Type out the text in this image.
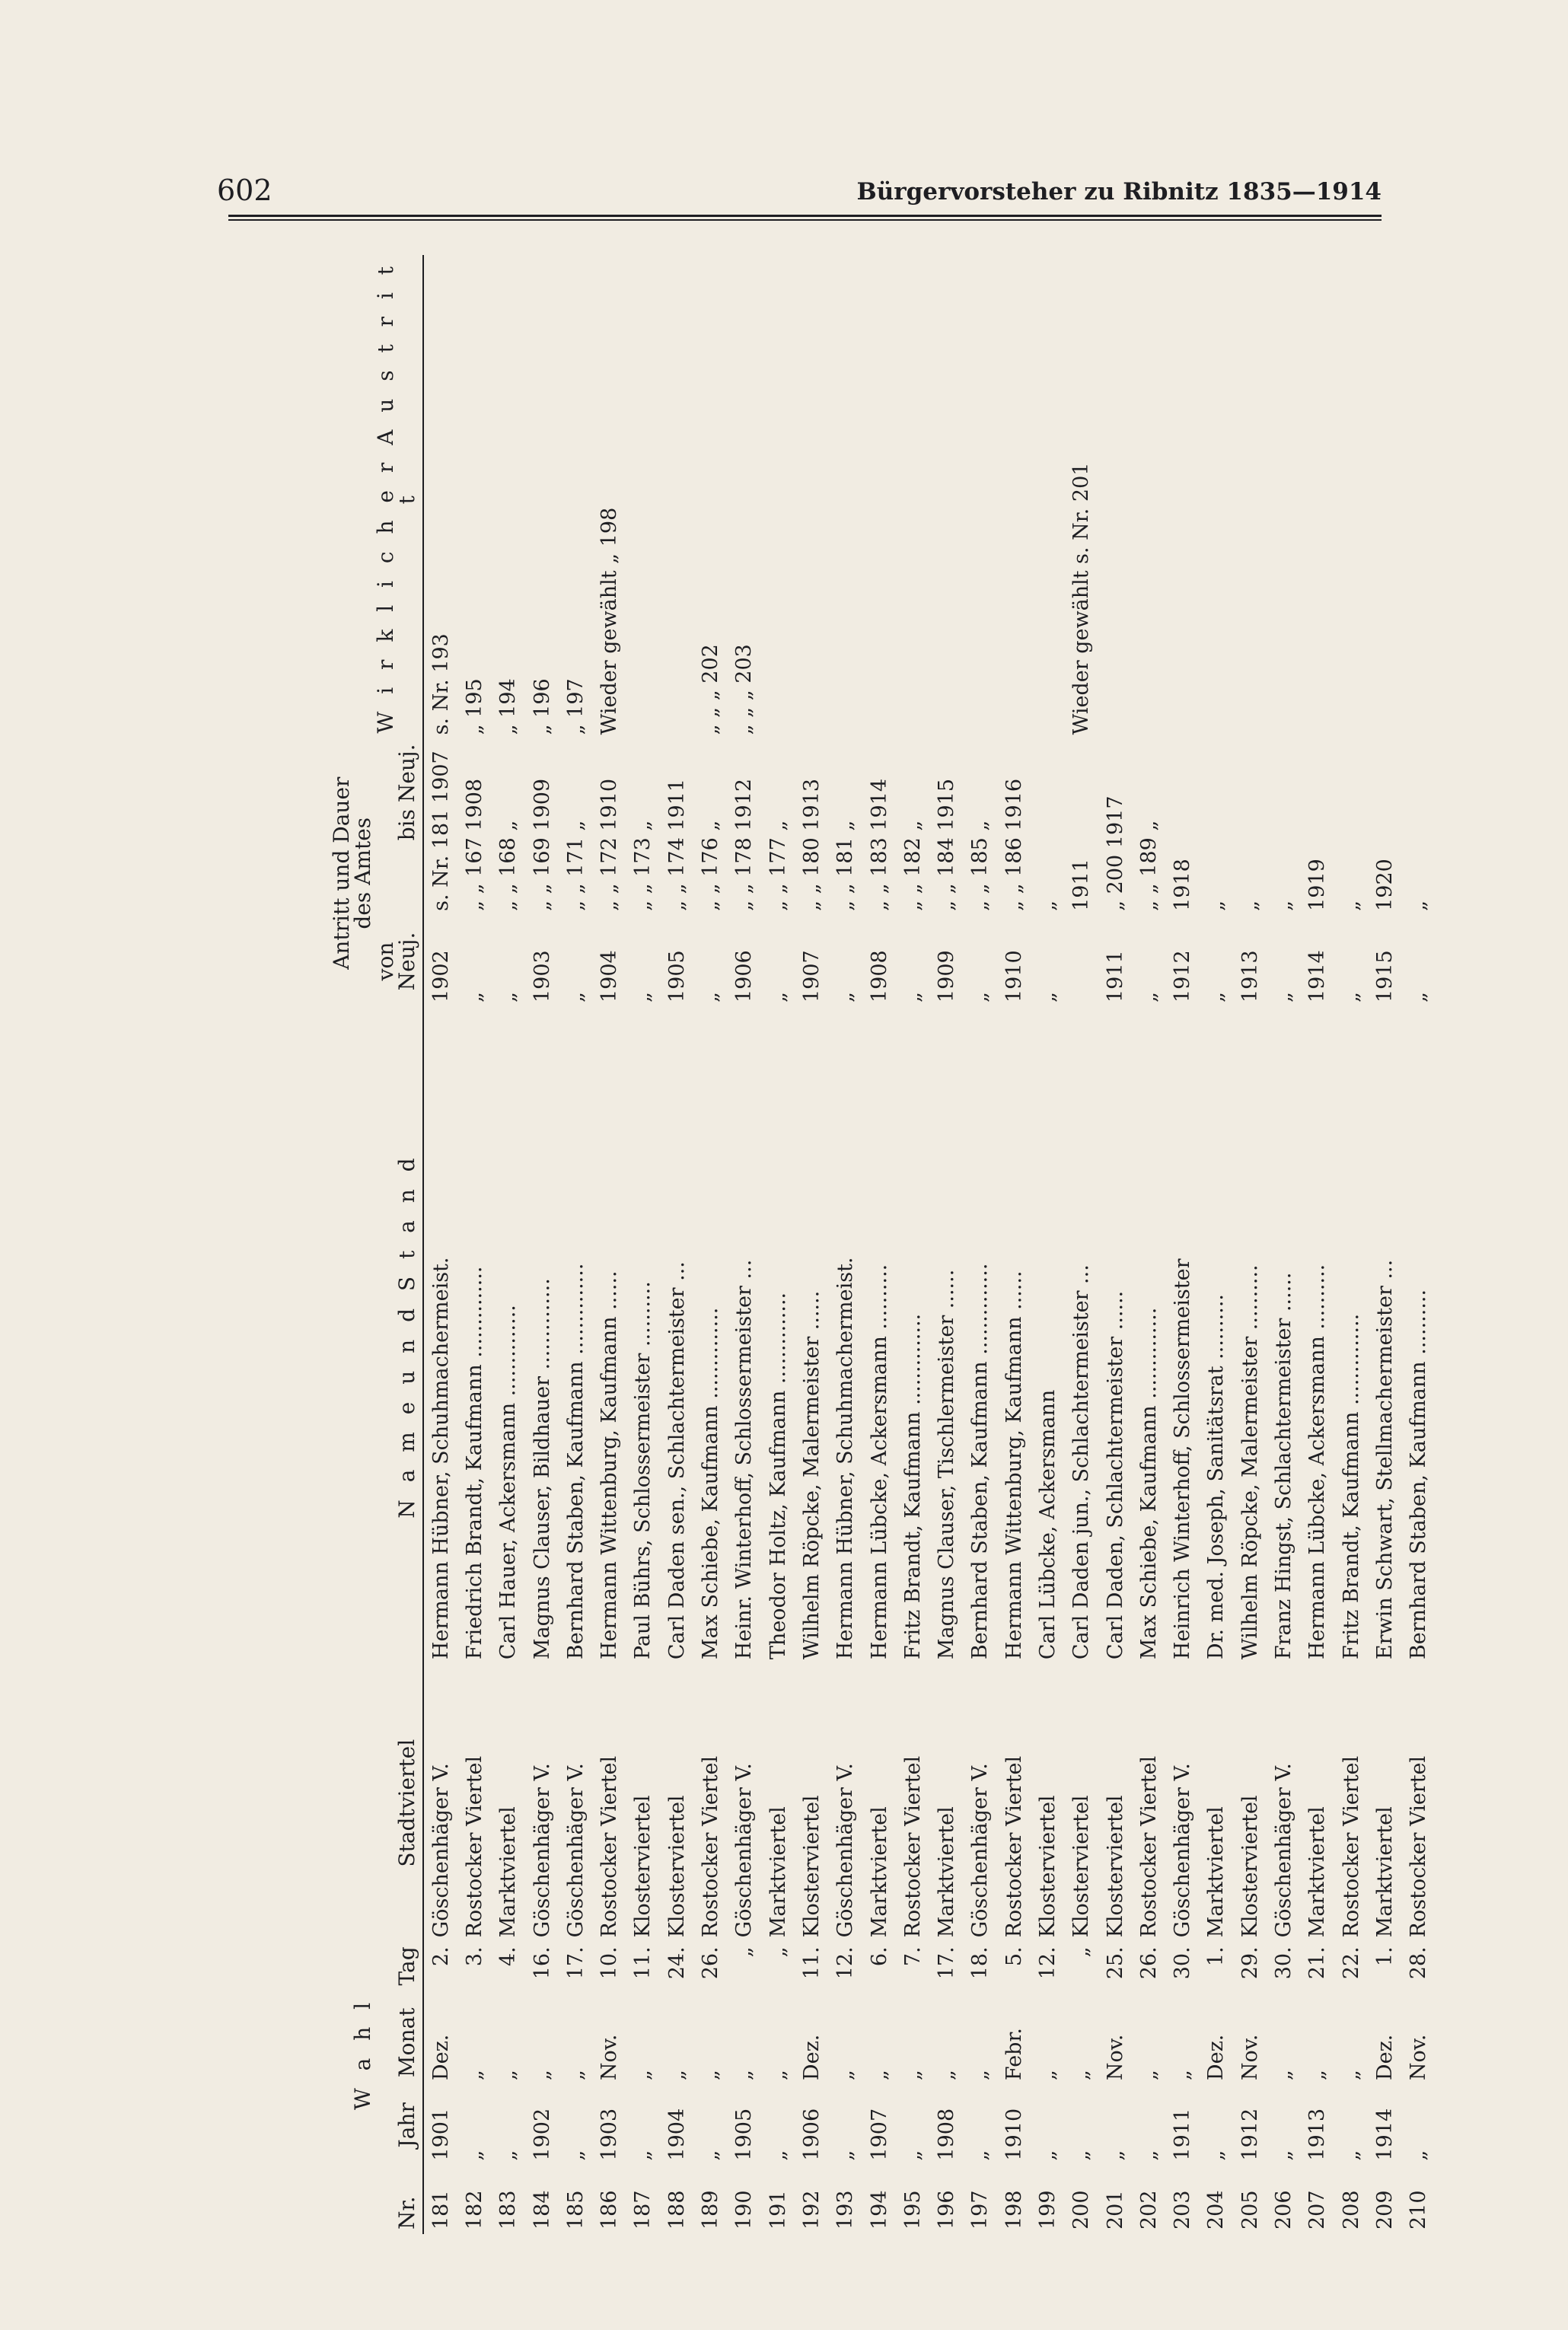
602	Bürgervorsteher zu Ribnitz 1835—1914
	W a h l					Antritt und Dauer
des Amtes		

Nr.	Jahr	Monat	Tag	Stadtviertel	N a m e u n d S t a n d	von Neuj.	bis Neuj.	W i r k l i c h e r A u s t r i t t
181	1901	Dez.	2.	Göschenhäger V.	Hermann Hübner, Schuhmachermeist.	1902	s. Nr. 181 1907	s. Nr. 193
182	„	„	3.	Rostocker Viertel	Friedrich Brandt, Kaufmann ..............	„	„ „ 167 1908	„ 195
183	„	„	4.	Marktviertel	Carl Hauer, Ackersmann ..............	„	„ „ 168 „	„ 194
184	1902	„	16.	Göschenhäger V.	Magnus Clauser, Bildhauer ..............	1903	„ „ 169 1909	„ 196
185	„	„	17.	Göschenhäger V.	Bernhard Staben, Kaufmann ..............	„	„ „ 171 „	„ 197
186	1903	Nov.	10.	Rostocker Viertel	Hermann Wittenburg, Kaufmann ......	1904	„ „ 172 1910	Wieder gewählt „ 198
187	„	„	11.	Klosterviertel	Paul Bührs, Schlossermeister ..........	„	„ „ 173 „	
188	1904	„	24.	Klosterviertel	Carl Daden sen., Schlachtermeister ...	1905	„ „ 174 1911	
189	„	„	26.	Rostocker Viertel	Max Schiebe, Kaufmann ..............	„	„ „ 176 „	„ „ „ 202
190	1905	„	„	Göschenhäger V.	Heinr. Winterhoff, Schlossermeister ...	1906	„ „ 178 1912	„ „ „ 203
191	„	„	„	Marktviertel	Theodor Holtz, Kaufmann ..............	„	„ „ 177 „	
192	1906	Dez.	11.	Klosterviertel	Wilhelm Röpcke, Malermeister ......	1907	„ „ 180 1913	
193	„	„	12.	Göschenhäger V.	Hermann Hübner, Schuhmachermeist.	„	„ „ 181 „	
194	1907	„	6.	Marktviertel	Hermann Lübcke, Ackersmann ..........	1908	„ „ 183 1914	
195	„	„	7.	Rostocker Viertel	Fritz Brandt, Kaufmann ..............	„	„ „ 182 „	
196	1908	„	17.	Marktviertel	Magnus Clauser, Tischlermeister ......	1909	„ „ 184 1915	
197	„	„	18.	Göschenhäger V.	Bernhard Staben, Kaufmann ..............	„	„ „ 185 „	
198	1910	Febr.	5.	Rostocker Viertel	Hermann Wittenburg, Kaufmann ......	1910	„ „ 186 1916	
199	„	„	12.	Klosterviertel	Carl Lübcke, Ackersmann	„	„	
200	„	„	„	Klosterviertel	Carl Daden jun., Schlachtermeister ...		1911	Wieder gewählt s. Nr. 201
201	„	Nov.	25.	Klosterviertel	Carl Daden, Schlachtermeister ......	1911	„ 200 1917	
202	„	„	26.	Rostocker Viertel	Max Schiebe, Kaufmann ..............	„	„ „ 189 „	
203	1911	„	30.	Göschenhäger V.	Heinrich Winterhoff, Schlossermeister	1912	1918	
204	„	Dez.	1.	Marktviertel	Dr. med. Joseph, Sanitätsrat ..........	„	„	
205	1912	Nov.	29.	Klosterviertel	Wilhelm Röpcke, Malermeister ..........	1913	„	
206	„	„	30.	Göschenhäger V.	Franz Hingst, Schlachtermeister ......	„	„	
207	1913	„	21.	Marktviertel	Hermann Lübcke, Ackersmann ..........	1914	1919	
208	„	„	22.	Rostocker Viertel	Fritz Brandt, Kaufmann ..............	„	„	
209	1914	Dez.	1.	Marktviertel	Erwin Schwart, Stellmachermeister ...	1915	1920	
210	„	Nov.	28.	Rostocker Viertel	Bernhard Staben, Kaufmann ..........	„	„	
